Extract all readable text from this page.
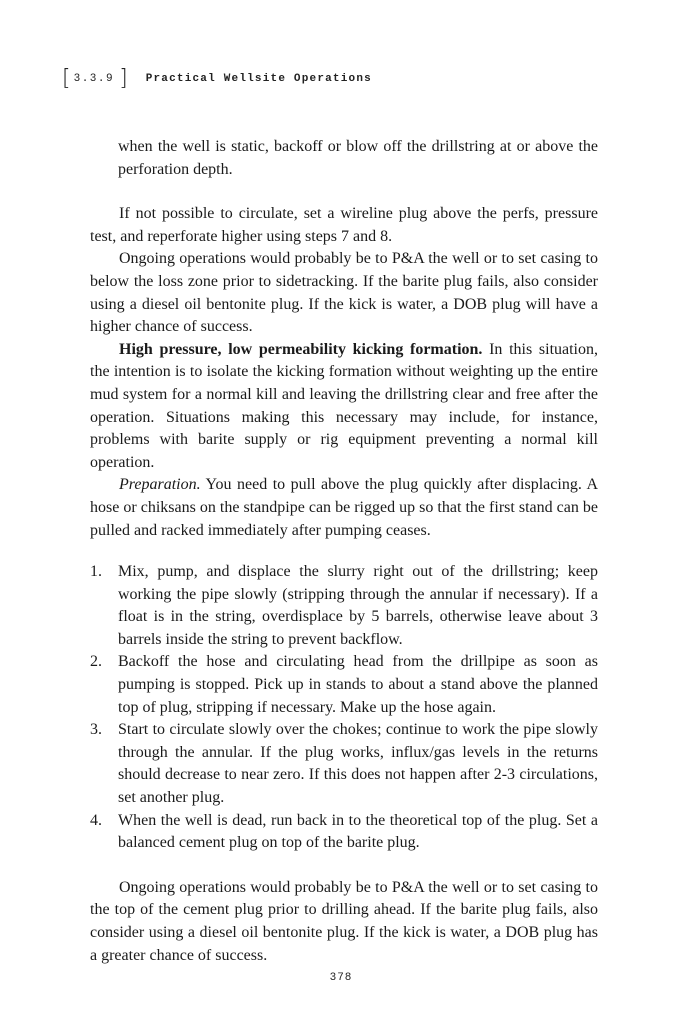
[ 3.3.9 ] Practical Wellsite Operations

when the well is static, backoff or blow off the drillstring at or above the perforation depth.

If not possible to circulate, set a wireline plug above the perfs, pressure test, and reperforate higher using steps 7 and 8.

Ongoing operations would probably be to P&A the well or to set casing to below the loss zone prior to sidetracking. If the barite plug fails, also consider using a diesel oil bentonite plug. If the kick is water, a DOB plug will have a higher chance of success.

High pressure, low permeability kicking formation. In this situation, the intention is to isolate the kicking formation without weighting up the entire mud system for a normal kill and leaving the drillstring clear and free after the operation. Situations making this necessary may include, for instance, problems with barite supply or rig equipment preventing a normal kill operation.

Preparation. You need to pull above the plug quickly after displacing. A hose or chiksans on the standpipe can be rigged up so that the first stand can be pulled and racked immediately after pumping ceases.

1. Mix, pump, and displace the slurry right out of the drillstring; keep working the pipe slowly (stripping through the annular if necessary). If a float is in the string, overdisplace by 5 barrels, otherwise leave about 3 barrels inside the string to prevent backflow.
2. Backoff the hose and circulating head from the drillpipe as soon as pumping is stopped. Pick up in stands to about a stand above the planned top of plug, stripping if necessary. Make up the hose again.
3. Start to circulate slowly over the chokes; continue to work the pipe slowly through the annular. If the plug works, influx/gas levels in the returns should decrease to near zero. If this does not happen after 2-3 circulations, set another plug.
4. When the well is dead, run back in to the theoretical top of the plug. Set a balanced cement plug on top of the barite plug.

Ongoing operations would probably be to P&A the well or to set casing to the top of the cement plug prior to drilling ahead. If the barite plug fails, also consider using a diesel oil bentonite plug. If the kick is water, a DOB plug has a greater chance of success.

378
